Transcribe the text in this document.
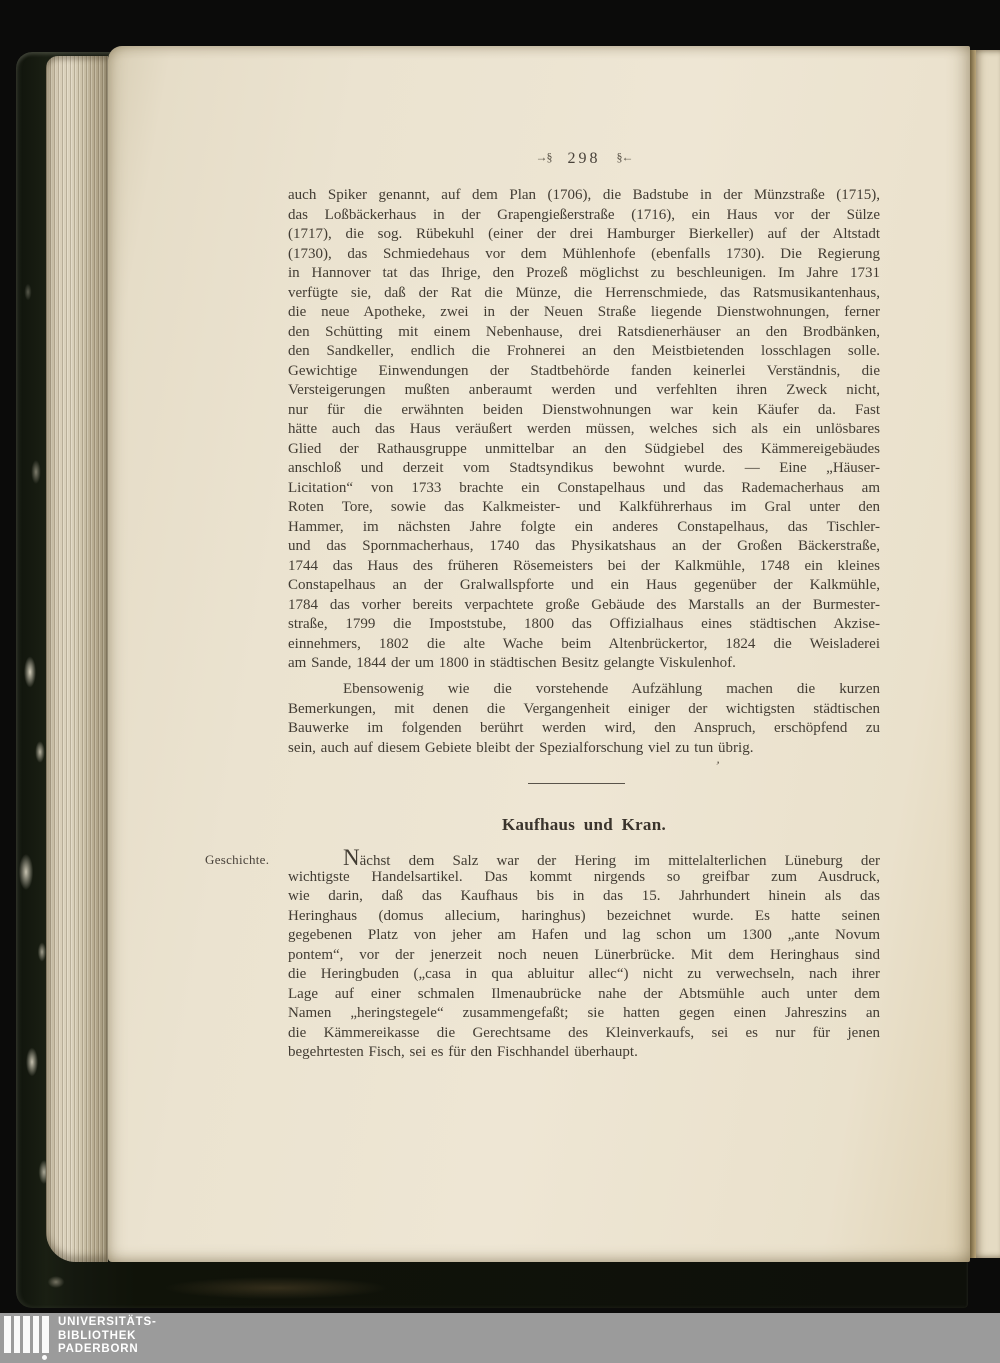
→§ 298 §←
auch Spiker genannt, auf dem Plan (1706), die Badstube in der Münzstraße (1715),
das Loßbäckerhaus in der Grapengießerstraße (1716), ein Haus vor der Sülze
(1717), die sog. Rübekuhl (einer der drei Hamburger Bierkeller) auf der Altstadt
(1730), das Schmiedehaus vor dem Mühlenhofe (ebenfalls 1730). Die Regierung
in Hannover tat das Ihrige, den Prozeß möglichst zu beschleunigen. Im Jahre 1731
verfügte sie, daß der Rat die Münze, die Herrenschmiede, das Ratsmusikantenhaus,
die neue Apotheke, zwei in der Neuen Straße liegende Dienstwohnungen, ferner
den Schütting mit einem Nebenhause, drei Ratsdienerhäuser an den Brodbänken,
den Sandkeller, endlich die Frohnerei an den Meistbietenden losschlagen solle.
Gewichtige Einwendungen der Stadtbehörde fanden keinerlei Verständnis, die
Versteigerungen mußten anberaumt werden und verfehlten ihren Zweck nicht,
nur für die erwähnten beiden Dienstwohnungen war kein Käufer da. Fast
hätte auch das Haus veräußert werden müssen, welches sich als ein unlösbares
Glied der Rathausgruppe unmittelbar an den Südgiebel des Kämmereigebäudes
anschloß und derzeit vom Stadtsyndikus bewohnt wurde. — Eine „Häuser-
Licitation“ von 1733 brachte ein Constapelhaus und das Rademacherhaus am
Roten Tore, sowie das Kalkmeister- und Kalkführerhaus im Gral unter den
Hammer, im nächsten Jahre folgte ein anderes Constapelhaus, das Tischler-
und das Spornmacherhaus, 1740 das Physikatshaus an der Großen Bäckerstraße,
1744 das Haus des früheren Rösemeisters bei der Kalkmühle, 1748 ein kleines
Constapelhaus an der Gralwallspforte und ein Haus gegenüber der Kalkmühle,
1784 das vorher bereits verpachtete große Gebäude des Marstalls an der Burmester-
straße, 1799 die Impoststube, 1800 das Offizialhaus eines städtischen Akzise-
einnehmers, 1802 die alte Wache beim Altenbrückertor, 1824 die Weisladerei
am Sande, 1844 der um 1800 in städtischen Besitz gelangte Viskulenhof.
Ebensowenig wie die vorstehende Aufzählung machen die kurzen
Bemerkungen, mit denen die Vergangenheit einiger der wichtigsten städtischen
Bauwerke im folgenden berührt werden wird, den Anspruch, erschöpfend zu
sein, auch auf diesem Gebiete bleibt der Spezialforschung viel zu tun übrig.
’
Kaufhaus und Kran.
Geschichte.	Nächst dem Salz war der Hering im mittelalterlichen Lüneburg der
wichtigste Handelsartikel. Das kommt nirgends so greifbar zum Ausdruck,
wie darin, daß das Kaufhaus bis in das 15. Jahrhundert hinein als das
Heringhaus (domus allecium, haringhus) bezeichnet wurde. Es hatte seinen
gegebenen Platz von jeher am Hafen und lag schon um 1300 „ante Novum
pontem“, vor der jenerzeit noch neuen Lünerbrücke. Mit dem Heringhaus sind
die Heringbuden („casa in qua abluitur allec“) nicht zu verwechseln, nach ihrer
Lage auf einer schmalen Ilmenaubrücke nahe der Abtsmühle auch unter dem
Namen „heringstegele“ zusammengefaßt; sie hatten gegen einen Jahreszins an
die Kämmereikasse die Gerechtsame des Kleinverkaufs, sei es nur für jenen
begehrtesten Fisch, sei es für den Fischhandel überhaupt.
UNIVERSITÄTS-
BIBLIOTHEK
PADERBORN
